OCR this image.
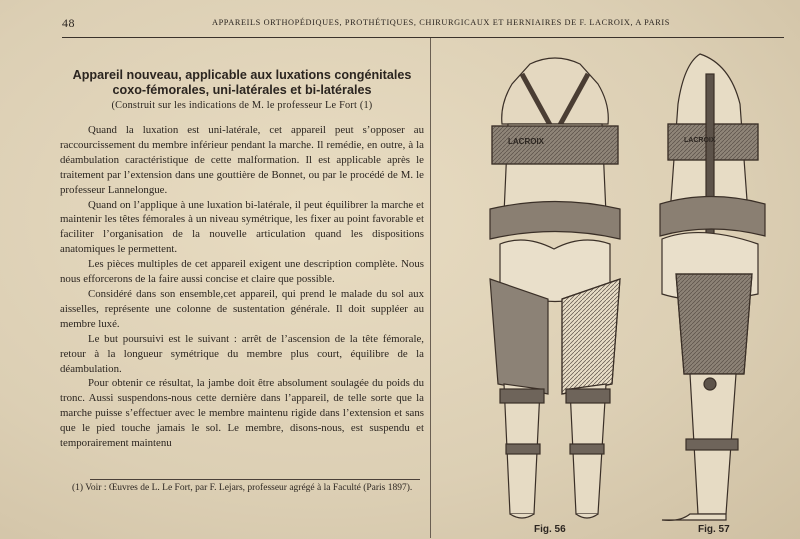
48	APPAREILS ORTHOPÉDIQUES, PROTHÉTIQUES, CHIRURGICAUX ET HERNIAIRES DE F. LACROIX, A PARIS

Appareil nouveau, applicable aux luxations congénitales
coxo-fémorales, uni-latérales et bi-latérales

(Construit sur les indications de M. le professeur Le Fort (1)

Quand la luxation est uni-latérale, cet appareil peut s’opposer au raccourcissement du membre inférieur pendant la marche. Il remédie, en outre, à la déambulation caractéristique de cette malformation. Il est applicable après le traitement par l’extension dans une gouttière de Bonnet, ou par le procédé de M. le professeur Lannelongue.

Quand on l’applique à une luxation bi-latérale, il peut équilibrer la marche et maintenir les têtes fémorales à un niveau symétrique, les fixer au point favorable et faciliter l’organisation de la nouvelle articulation quand les dispositions anatomiques le permettent.

Les pièces multiples de cet appareil exigent une description complète. Nous nous efforcerons de la faire aussi concise et claire que possible.

Considéré dans son ensemble,cet appareil, qui prend le malade du sol aux aisselles, représente une colonne de sustentation générale. Il doit suppléer au membre luxé.

Le but poursuivi est le suivant : arrêt de l’ascension de la tête fémorale, retour à la longueur symétrique du membre plus court, équilibre de la déambulation.

Pour obtenir ce résultat, la jambe doit être absolument soulagée du poids du tronc. Aussi suspendons-nous cette dernière dans l’appareil, de telle sorte que la marche puisse s’effectuer avec le membre maintenu rigide dans l’extension et sans que le pied touche jamais le sol. Le membre, disons-nous, est suspendu et temporairement maintenu

(1) Voir : Œuvres de L. Le Fort, par F. Lejars, professeur agrégé à la Faculté (Paris 1897).
LACROIX
Fig. 56
LACROIX
Fig. 57
